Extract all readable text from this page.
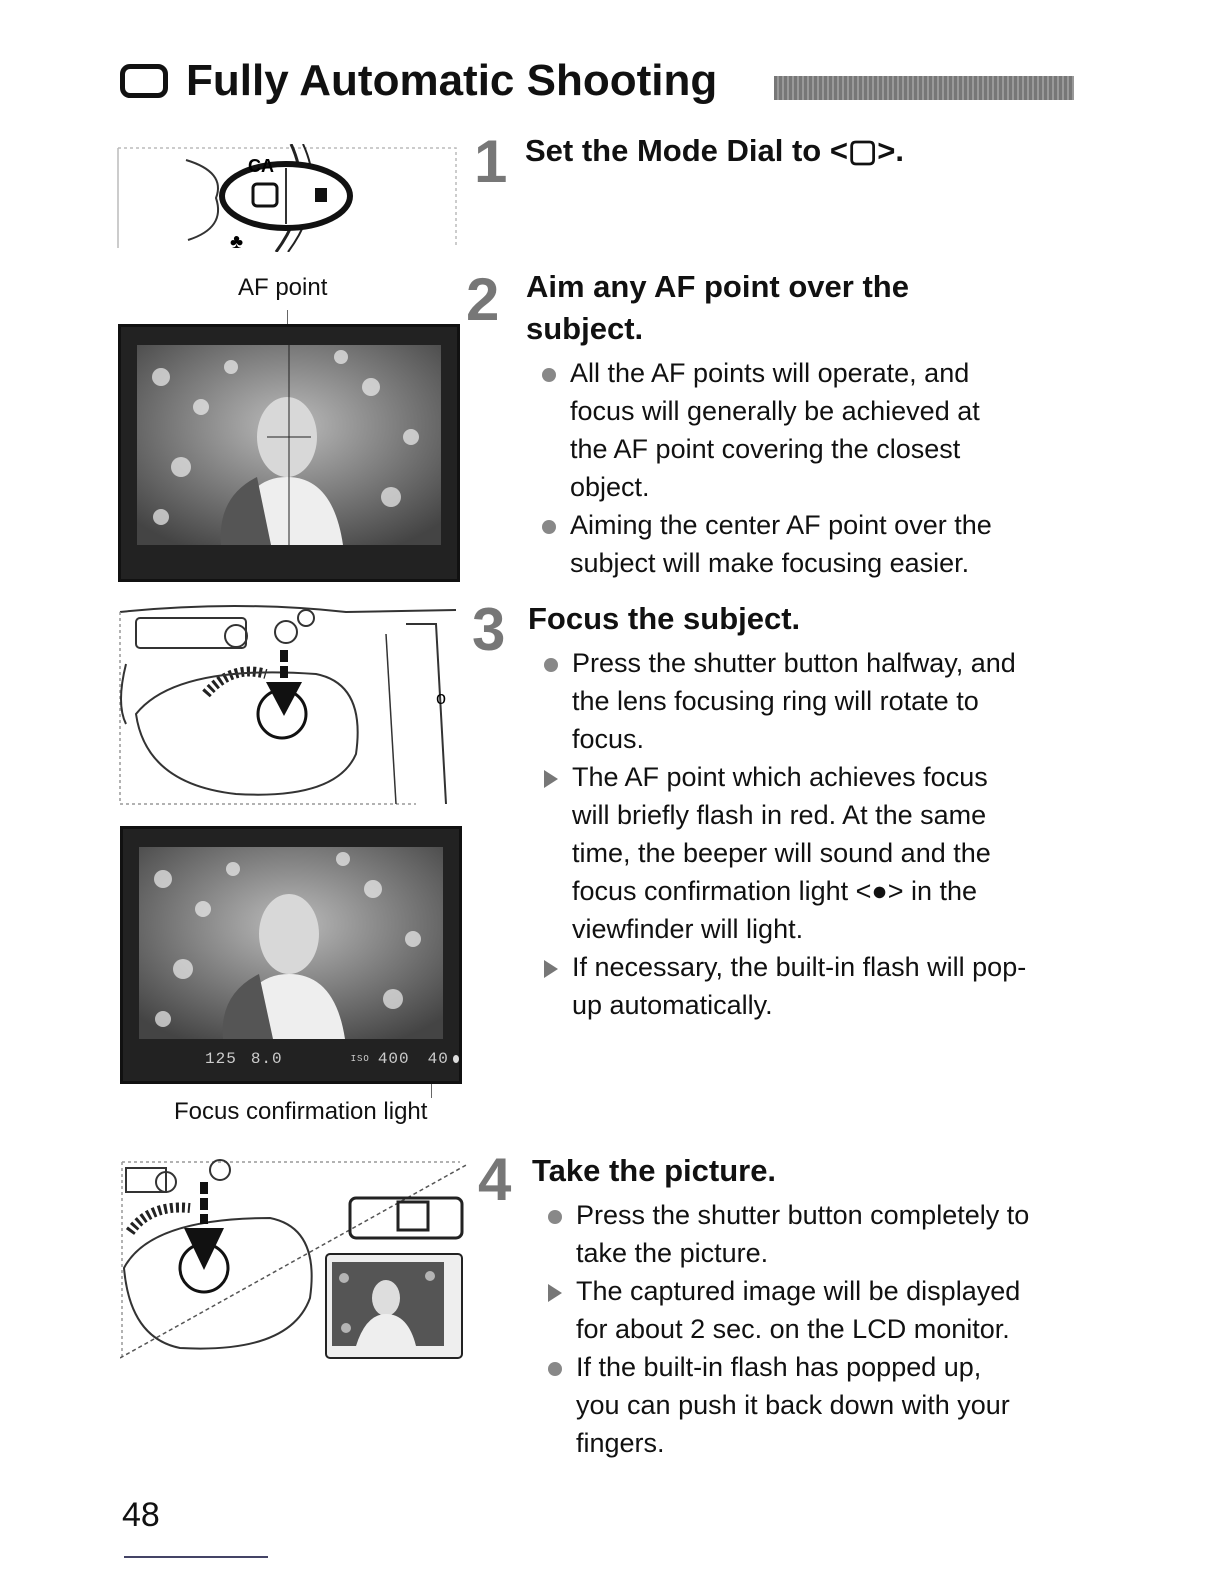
Fully Automatic Shooting
CA
♣
1 Set the Mode Dial to <▢>.
AF point 2 Aim any AF point over the
subject.
All the AF points will operate, and
focus will generally be achieved at
the AF point covering the closest
object.
Aiming the center AF point over the
subject will make focusing easier.
o
3 Focus the subject.
Press the shutter button halfway, and
the lens focusing ring will rotate to
focus.
The AF point which achieves focus
will briefly flash in red. At the same
time, the beeper will sound and the
focus confirmation light <●> in the
viewfinder will light.
If necessary, the built-in flash will pop-
up automatically.
125 8.0	ISO 400 40
Focus confirmation light
4 Take the picture.
Press the shutter button completely to
take the picture.
The captured image will be displayed
for about 2 sec. on the LCD monitor.
If the built-in flash has popped up,
you can push it back down with your
fingers.
48
